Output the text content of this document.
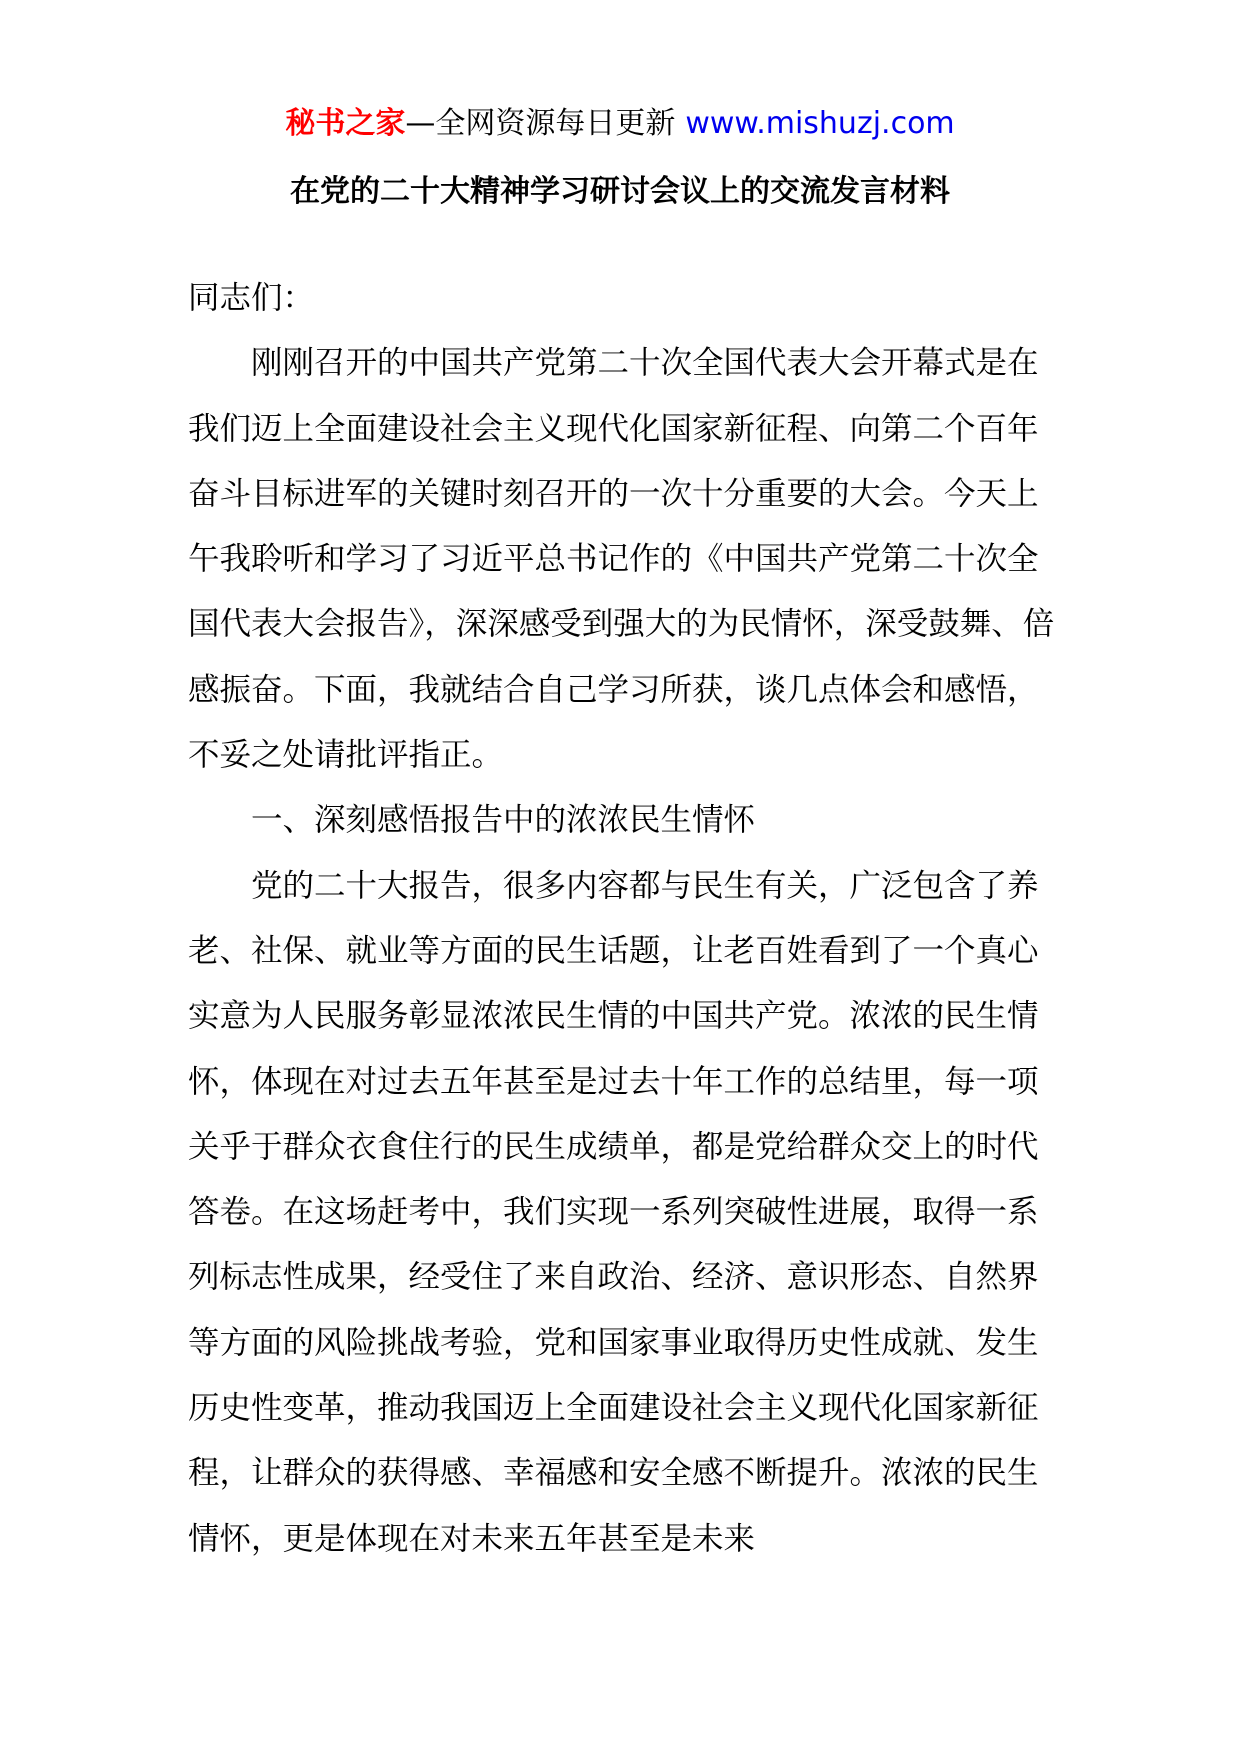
秘书之家—全网资源每日更新 www.mishuzj.com
在党的二十大精神学习研讨会议上的交流发言材料

同志们：

刚刚召开的中国共产党第二十次全国代表大会开幕式是在我们迈上全面建设社会主义现代化国家新征程、向第二个百年奋斗目标进军的关键时刻召开的一次十分重要的大会。今天上午我聆听和学习了习近平总书记作的《中国共产党第二十次全国代表大会报告》，深深感受到强大的为民情怀，深受鼓舞、倍感振奋。下面，我就结合自己学习所获，谈几点体会和感悟，不妥之处请批评指正。

一、深刻感悟报告中的浓浓民生情怀

党的二十大报告，很多内容都与民生有关，广泛包含了养老、社保、就业等方面的民生话题，让老百姓看到了一个真心实意为人民服务彰显浓浓民生情的中国共产党。浓浓的民生情怀，体现在对过去五年甚至是过去十年工作的总结里，每一项关乎于群众衣食住行的民生成绩单，都是党给群众交上的时代答卷。在这场赶考中，我们实现一系列突破性进展，取得一系列标志性成果，经受住了来自政治、经济、意识形态、自然界等方面的风险挑战考验，党和国家事业取得历史性成就、发生历史性变革，推动我国迈上全面建设社会主义现代化国家新征程，让群众的获得感、幸福感和安全感不断提升。浓浓的民生情怀，更是体现在对未来五年甚至是未来
